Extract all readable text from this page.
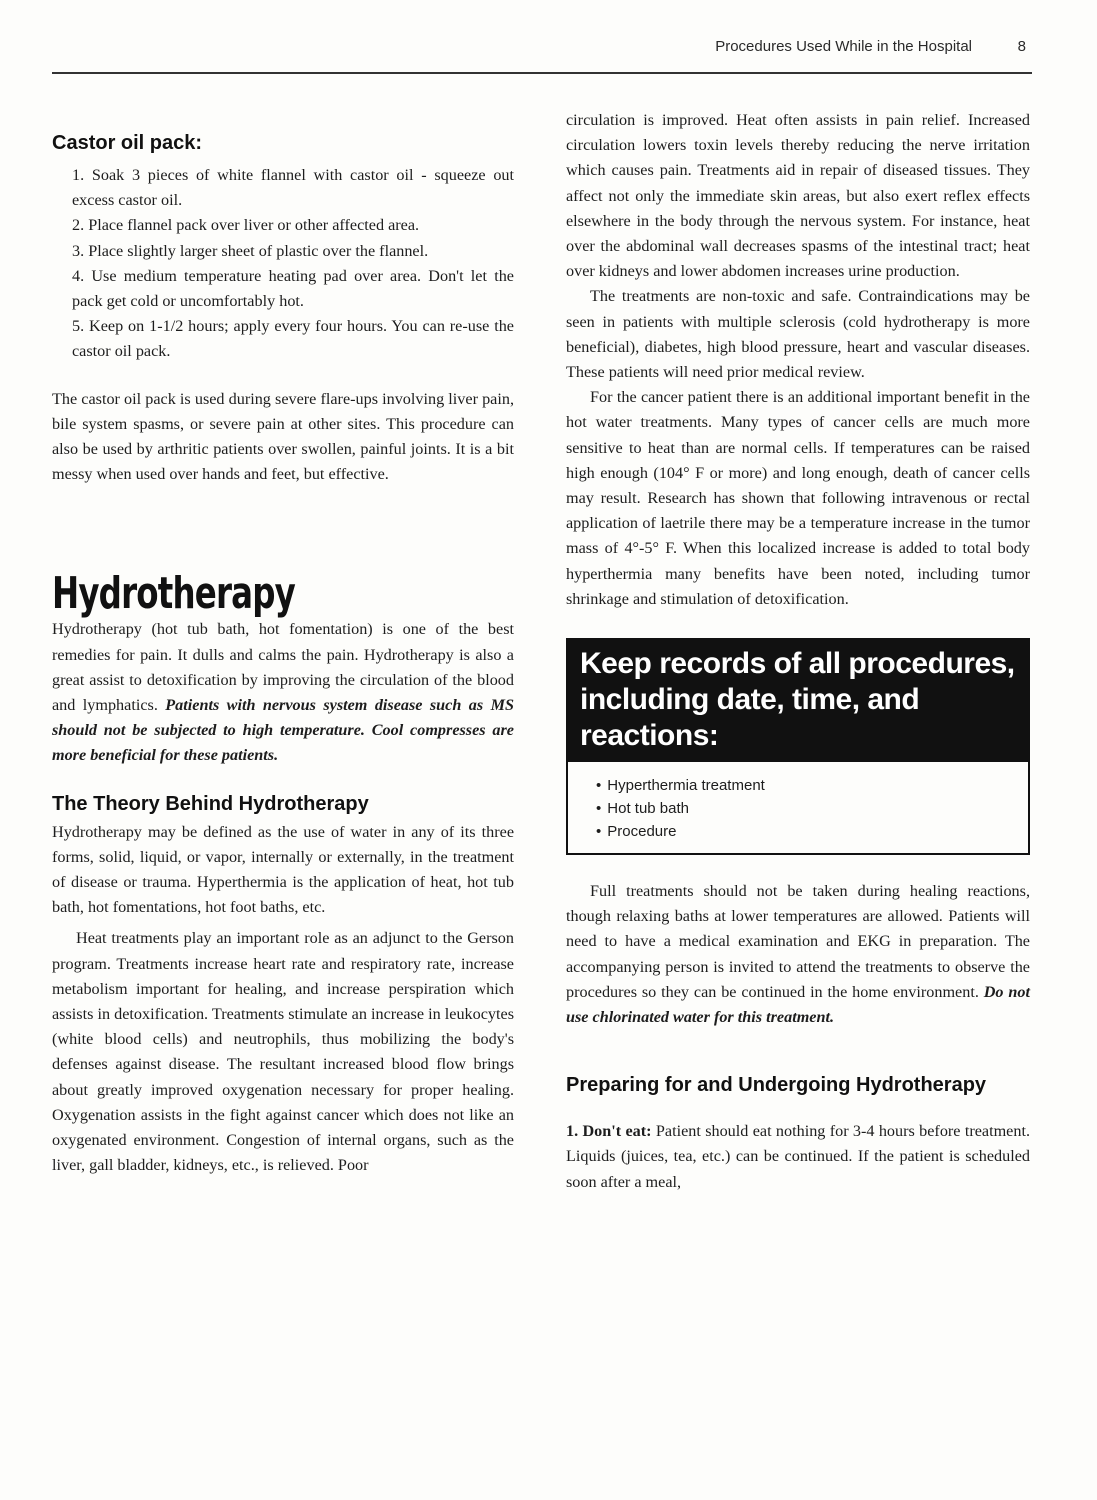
Procedures Used While in the Hospital	8
Castor oil pack:
1. Soak 3 pieces of white flannel with castor oil - squeeze out excess castor oil.
2. Place flannel pack over liver or other affected area.
3. Place slightly larger sheet of plastic over the flannel.
4. Use medium temperature heating pad over area. Don't let the pack get cold or uncomfortably hot.
5. Keep on 1-1/2 hours; apply every four hours. You can re-use the castor oil pack.

The castor oil pack is used during severe flare-ups involving liver pain, bile system spasms, or severe pain at other sites. This procedure can also be used by arthritic patients over swollen, painful joints. It is a bit messy when used over hands and feet, but effective.

Hydrotherapy

Hydrotherapy (hot tub bath, hot fomentation) is one of the best remedies for pain. It dulls and calms the pain. Hydrotherapy is also a great assist to detoxification by improving the circulation of the blood and lymphatics. Patients with nervous system disease such as MS should not be subjected to high temperature. Cool compresses are more beneficial for these patients.

The Theory Behind Hydrotherapy

Hydrotherapy may be defined as the use of water in any of its three forms, solid, liquid, or vapor, internally or externally, in the treatment of disease or trauma. Hyperthermia is the application of heat, hot tub bath, hot fomentations, hot foot baths, etc.

Heat treatments play an important role as an adjunct to the Gerson program. Treatments increase heart rate and respiratory rate, increase metabolism important for healing, and increase perspiration which assists in detoxification. Treatments stimulate an increase in leukocytes (white blood cells) and neutrophils, thus mobilizing the body's defenses against disease. The resultant increased blood flow brings about greatly improved oxygenation necessary for proper healing. Oxygenation assists in the fight against cancer which does not like an oxygenated environment. Congestion of internal organs, such as the liver, gall bladder, kidneys, etc., is relieved. Poor

circulation is improved. Heat often assists in pain relief. Increased circulation lowers toxin levels thereby reducing the nerve irritation which causes pain. Treatments aid in repair of diseased tissues. They affect not only the immediate skin areas, but also exert reflex effects elsewhere in the body through the nervous system. For instance, heat over the abdominal wall decreases spasms of the intestinal tract; heat over kidneys and lower abdomen increases urine production.

The treatments are non-toxic and safe. Contraindications may be seen in patients with multiple sclerosis (cold hydrotherapy is more beneficial), diabetes, high blood pressure, heart and vascular diseases. These patients will need prior medical review.

For the cancer patient there is an additional important benefit in the hot water treatments. Many types of cancer cells are much more sensitive to heat than are normal cells. If temperatures can be raised high enough (104° F or more) and long enough, death of cancer cells may result. Research has shown that following intravenous or rectal application of laetrile there may be a temperature increase in the tumor mass of 4°-5° F. When this localized increase is added to total body hyperthermia many benefits have been noted, including tumor shrinkage and stimulation of detoxification.

Keep records of all procedures, including date, time, and reactions:
• Hyperthermia treatment
• Hot tub bath
• Procedure

Full treatments should not be taken during healing reactions, though relaxing baths at lower temperatures are allowed. Patients will need to have a medical examination and EKG in preparation. The accompanying person is invited to attend the treatments to observe the procedures so they can be continued in the home environment. Do not use chlorinated water for this treatment.

Preparing for and Undergoing Hydrotherapy

1. Don't eat: Patient should eat nothing for 3-4 hours before treatment. Liquids (juices, tea, etc.) can be continued. If the patient is scheduled soon after a meal,
